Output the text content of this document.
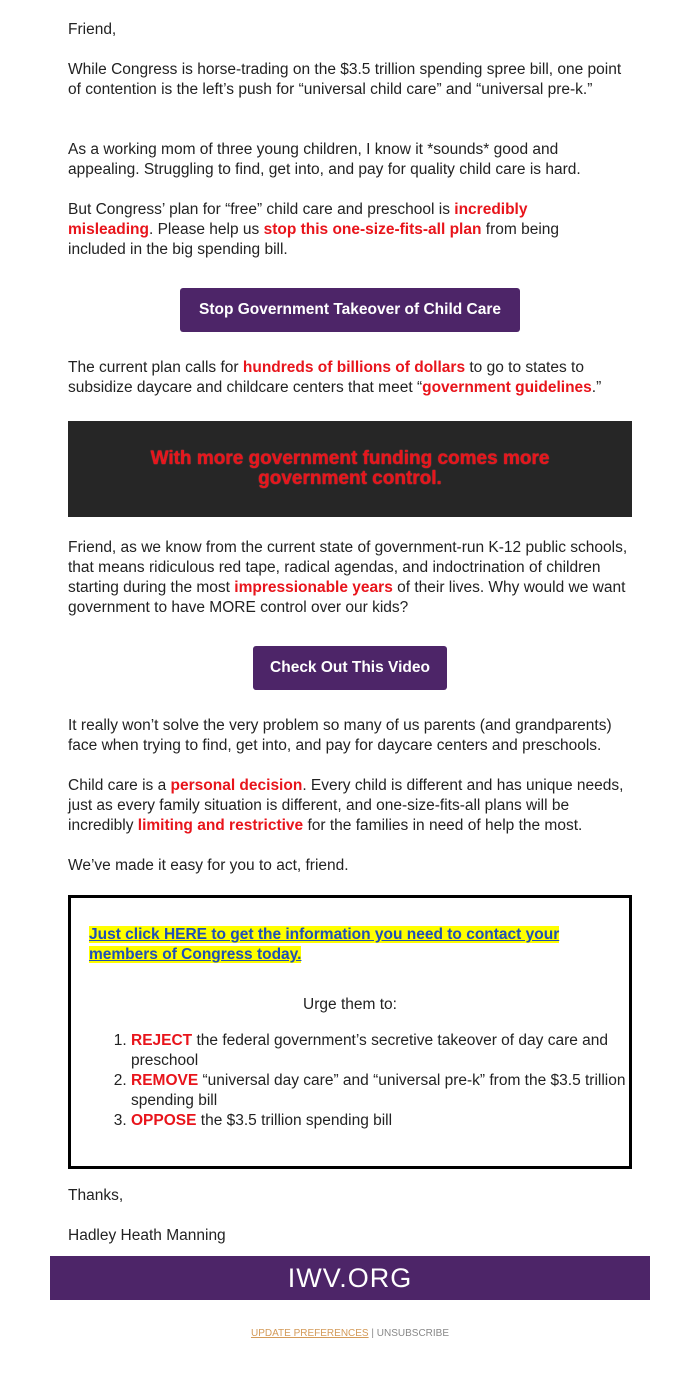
Friend,

While Congress is horse-trading on the $3.5 trillion spending spree bill, one point of contention is the left’s push for “universal child care” and “universal pre-k.”

As a working mom of three young children, I know it *sounds* good and appealing. Struggling to find, get into, and pay for quality child care is hard.

But Congress’ plan for “free” child care and preschool is incredibly misleading. Please help us stop this one-size-fits-all plan from being included in the big spending bill.

The current plan calls for hundreds of billions of dollars to go to states to subsidize daycare and childcare centers that meet “government guidelines.”

Friend, as we know from the current state of government-run K-12 public schools, that means ridiculous red tape, radical agendas, and indoctrination of children starting during the most impressionable years of their lives. Why would we want government to have MORE control over our kids?

It really won’t solve the very problem so many of us parents (and grandparents) face when trying to find, get into, and pay for daycare centers and preschools.

Child care is a personal decision. Every child is different and has unique needs, just as every family situation is different, and one-size-fits-all plans will be incredibly limiting and restrictive for the families in need of help the most.

We’ve made it easy for you to act, friend.

Thanks,

Hadley Heath Manning

Stop Government Takeover of Child Care
With more government funding comes more government control.
Check Out This Video
Just click HERE to get the information you need to contact your members of Congress today.
Urge them to:
1. REJECT the federal government’s secretive takeover of day care and preschool
2. REMOVE “universal day care” and “universal pre-k” from the $3.5 trillion spending bill
3. OPPOSE the $3.5 trillion spending bill
IWV.ORG
UPDATE PREFERENCES | UNSUBSCRIBE
